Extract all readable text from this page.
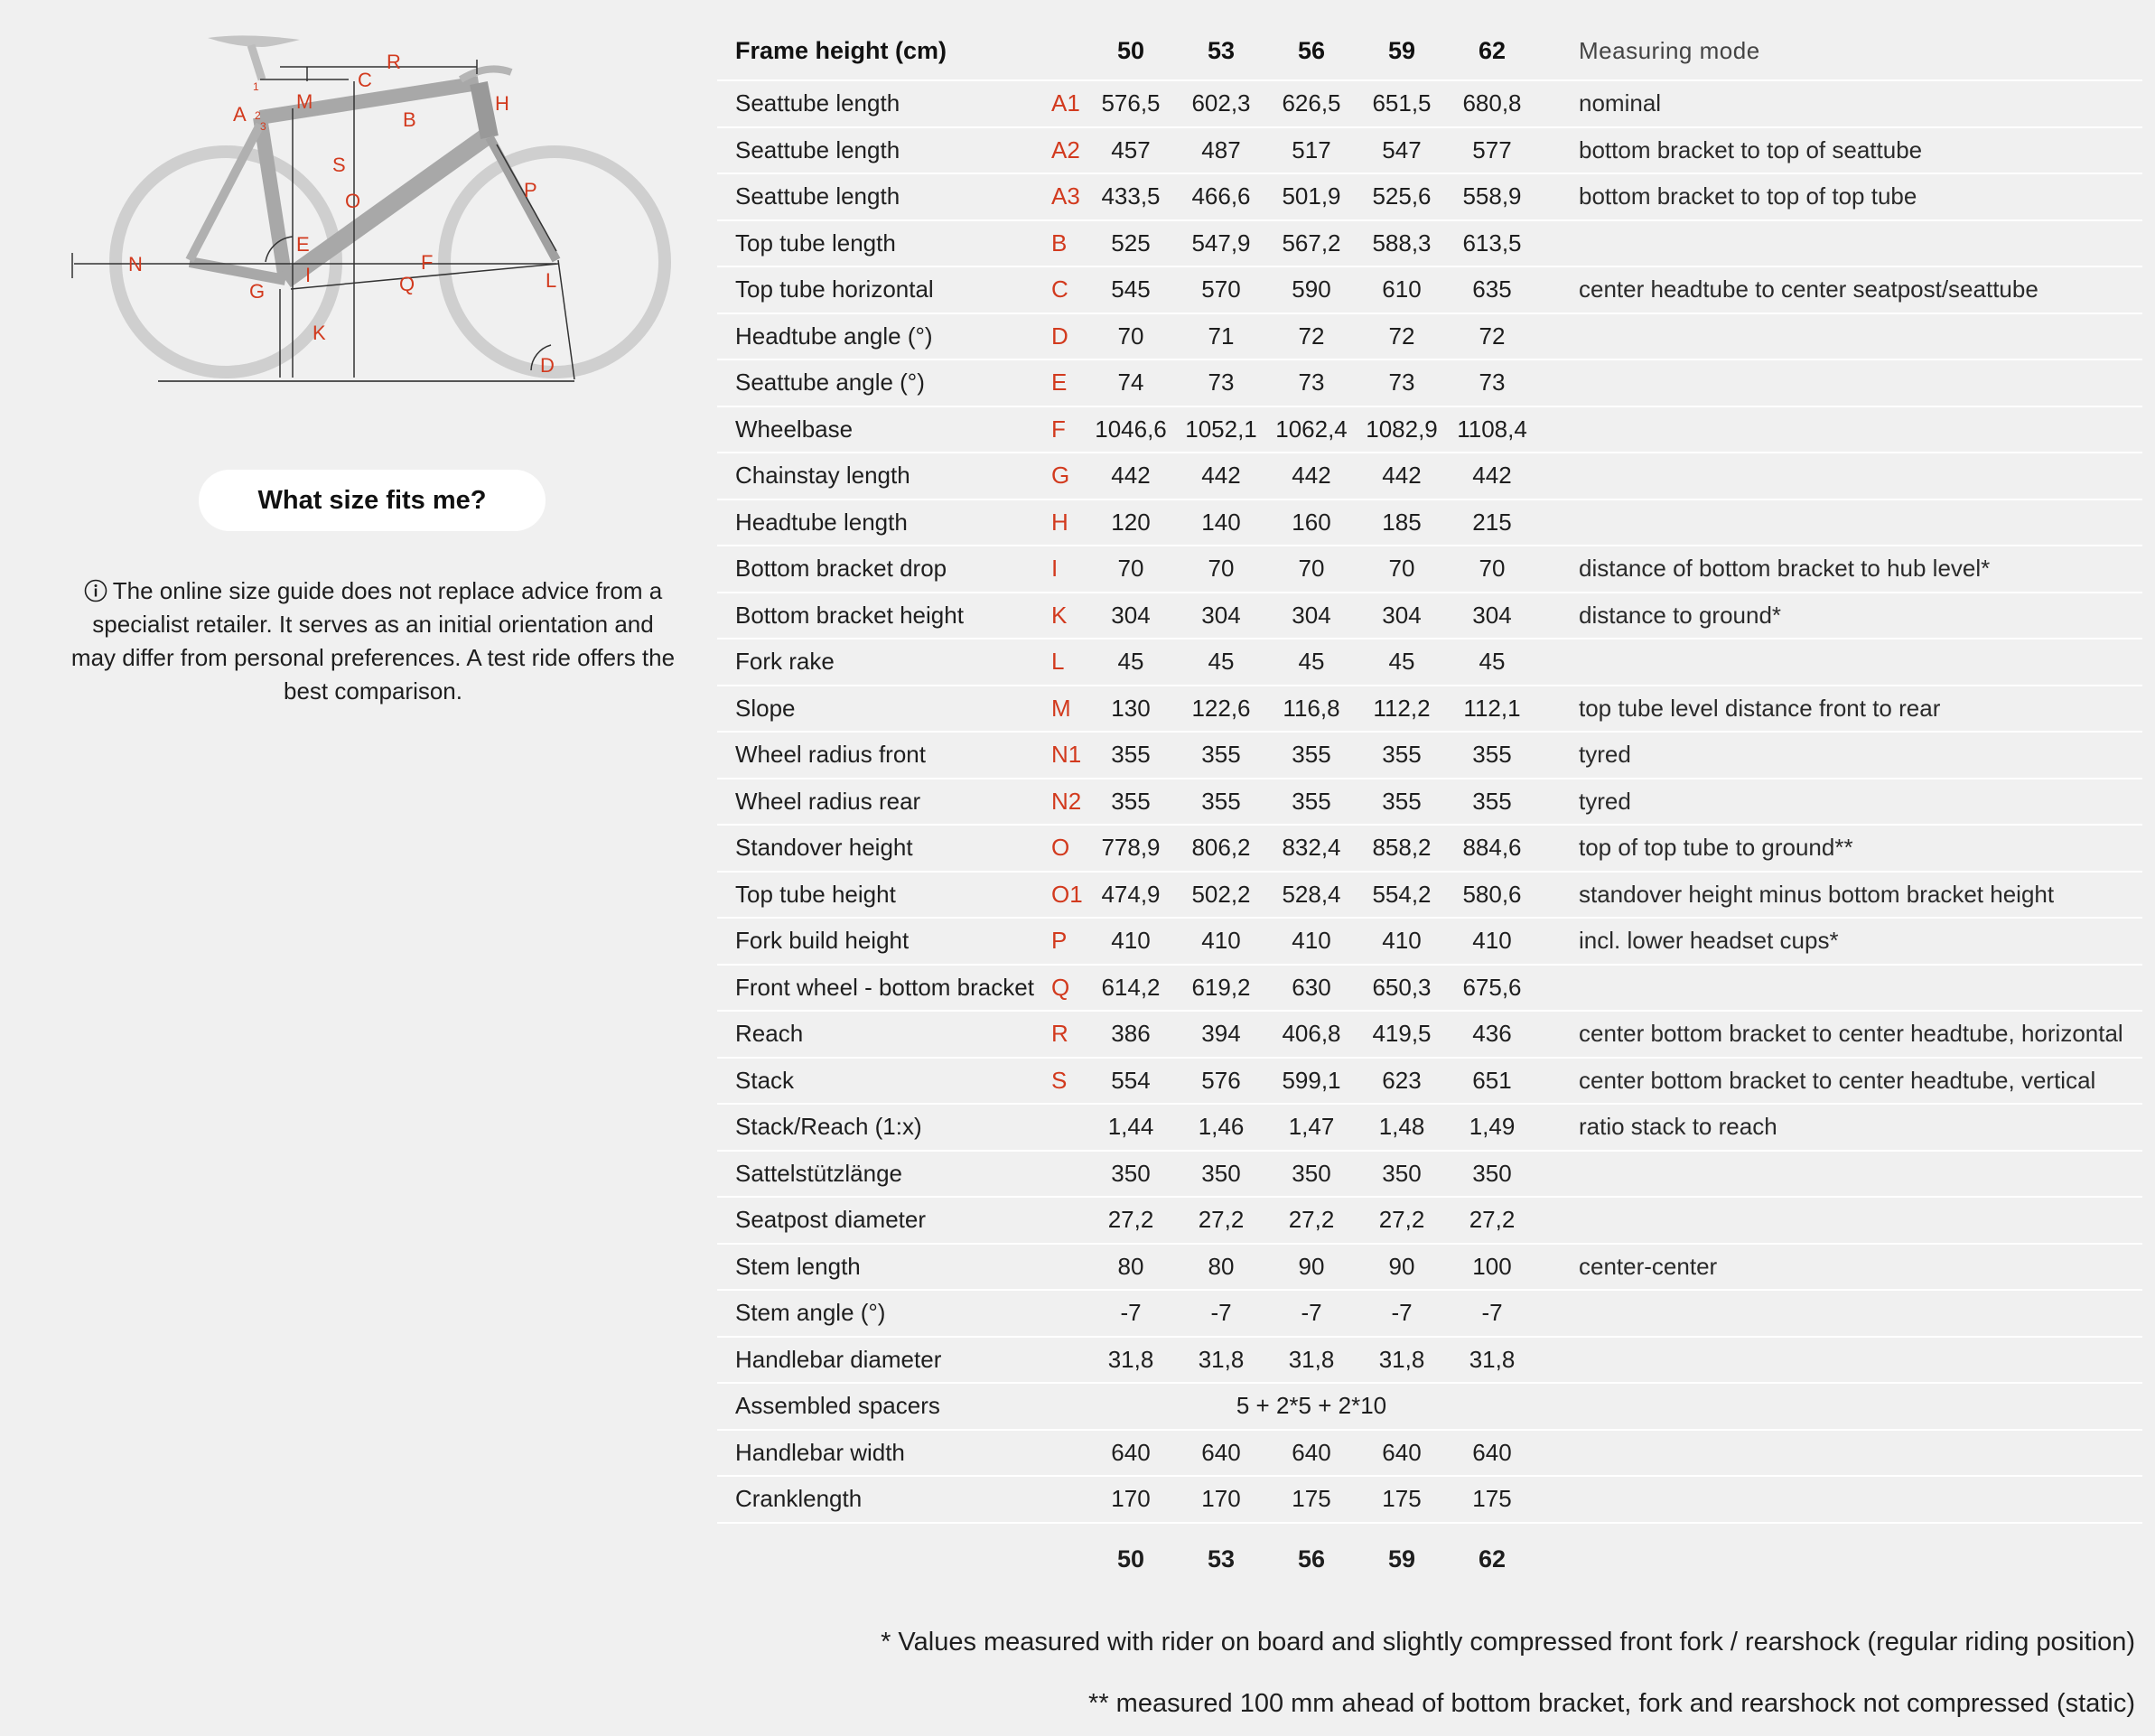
R
C
A
1
2
3
M	H
B
S
O	P
E
N	F
G
I	Q	L
K
D
What size fits me?
The online size guide does not replace advice from a specialist retailer. It serves as an initial orientation and may differ from personal preferences. A test ride offers the best comparison.
Frame height (cm)	50	53	56	59	62	Measuring mode
Seattube length	A1 576,5	602,3	626,5	651,5	680,8	nominal
Seattube length	A2	457	487	517	547	577	bottom bracket to top of seattube
Seattube length	A3 433,5	466,6	501,9	525,6	558,9	bottom bracket to top of top tube
Top tube length	B	525	547,9	567,2	588,3	613,5
Top tube horizontal	C	545	570	590	610	635	center headtube to center seatpost/seattube
Headtube angle (°)	D	70	71	72	72	72
Seattube angle (°)	E	74	73	73	73	73
Wheelbase	F	1046,6 1052,1 1062,4 1082,9 1108,4
Chainstay length	G	442	442	442	442	442
Headtube length	H	120	140	160	185	215
Bottom bracket drop	I	70	70	70	70	70	distance of bottom bracket to hub level*
Bottom bracket height	K	304	304	304	304	304	distance to ground*
Fork rake	L	45	45	45	45	45
Slope	M	130	122,6	116,8	112,2	112,1	top tube level distance front to rear
Wheel radius front	N1	355	355	355	355	355	tyred
Wheel radius rear	N2	355	355	355	355	355	tyred
Standover height	O	778,9	806,2	832,4	858,2	884,6	top of top tube to ground**
Top tube height	O1 474,9	502,2	528,4	554,2	580,6	standover height minus bottom bracket height
Fork build height	P	410	410	410	410	410	incl. lower headset cups*
Front wheel - bottom bracket Q	614,2	619,2	630	650,3	675,6
Reach	R	386	394	406,8	419,5	436	center bottom bracket to center headtube, horizontal
Stack	S	554	576	599,1	623	651	center bottom bracket to center headtube, vertical
Stack/Reach (1:x)	1,44	1,46	1,47	1,48	1,49	ratio stack to reach
Sattelstützlänge	350	350	350	350	350
Seatpost diameter	27,2	27,2	27,2	27,2	27,2
Stem length	80	80	90	90	100	center-center
Stem angle (°)	-7	-7	-7	-7	-7
Handlebar diameter	31,8	31,8	31,8	31,8	31,8
Assembled spacers	5 + 2*5 + 2*10
Handlebar width	640	640	640	640	640
Cranklength	170	170	175	175	175
50	53	56	59	62
* Values measured with rider on board and slightly compressed front fork / rearshock (regular riding position)
** measured 100 mm ahead of bottom bracket, fork and rearshock not compressed (static)
